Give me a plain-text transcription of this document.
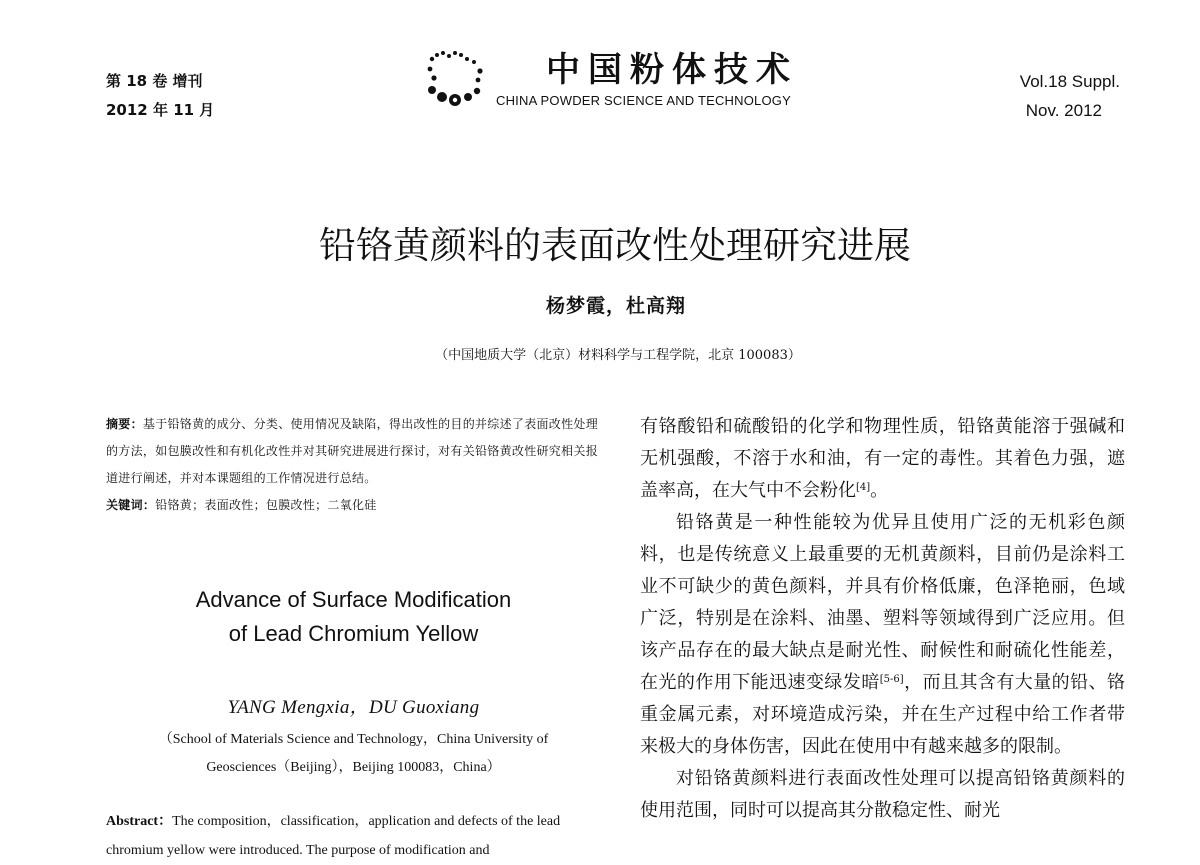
第 18 卷 增刊
2012 年 11 月
中国粉体技术
CHINA POWDER SCIENCE AND TECHNOLOGY
Vol.18 Suppl.
Nov. 2012
铅铬黄颜料的表面改性处理研究进展
杨梦霞，杜高翔
（中国地质大学（北京）材料科学与工程学院，北京 100083）
摘要：基于铅铬黄的成分、分类、使用情况及缺陷，得出改性的目的并综述了表面改性处理的方法，如包膜改性和有机化改性并对其研究进展进行探讨，对有关铅铬黄改性研究相关报道进行阐述，并对本课题组的工作情况进行总结。
关键词：铅铬黄；表面改性；包膜改性；二氧化硅
Advance of Surface Modification
of Lead Chromium Yellow
YANG Mengxia，DU Guoxiang
（School of Materials Science and Technology，China University of
Geosciences（Beijing），Beijing 100083，China）
Abstract：The composition，classification，application and defects of the lead chromium yellow were introduced. The purpose of modification and

有铬酸铅和硫酸铅的化学和物理性质，铅铬黄能溶于强碱和无机强酸，不溶于水和油，有一定的毒性。其着色力强，遮盖率高，在大气中不会粉化[4]。

铅铬黄是一种性能较为优异且使用广泛的无机彩色颜料，也是传统意义上最重要的无机黄颜料，目前仍是涂料工业不可缺少的黄色颜料，并具有价格低廉，色泽艳丽，色域广泛，特别是在涂料、油墨、塑料等领域得到广泛应用。但该产品存在的最大缺点是耐光性、耐候性和耐硫化性能差，在光的作用下能迅速变绿发暗[5-6]，而且其含有大量的铅、铬重金属元素，对环境造成污染，并在生产过程中给工作者带来极大的身体伤害，因此在使用中有越来越多的限制。

对铅铬黄颜料进行表面改性处理可以提高铅铬黄颜料的使用范围，同时可以提高其分散稳定性、耐光
